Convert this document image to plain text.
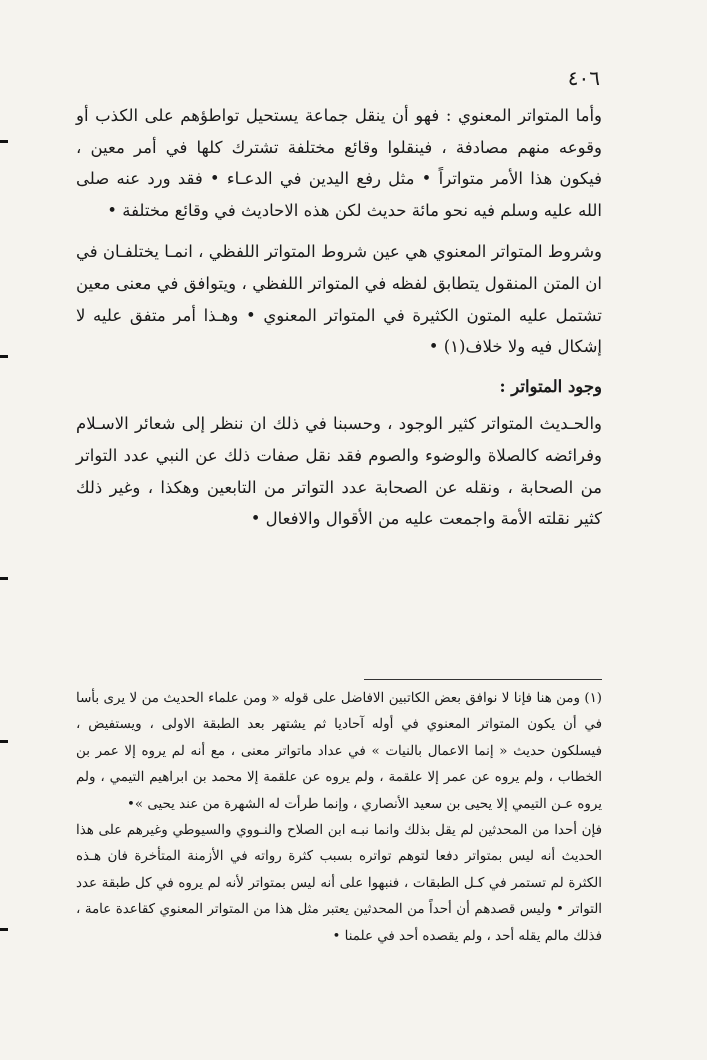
٤٠٦

وأما المتواتر المعنوي : فهو أن ينقل جماعة يستحيل تواطؤهم على الكذب أو وقوعه منهم مصادفة ، فينقلوا وقائع مختلفة تشترك كلها في أمر معين ، فيكون هذا الأمر متواتراً • مثل رفع اليدين في الدعـاء • فقد ورد عنه صلى الله عليه وسلم فيه نحو مائة حديث لكن هذه الاحاديث في وقائع مختلفة •

وشروط المتواتر المعنوي هي عين شروط المتواتر اللفظي ، انمـا يختلفـان في ان المتن المنقول يتطابق لفظه في المتواتر اللفظي ، ويتوافق في معنى معين تشتمل عليه المتون الكثيرة في المتواتر المعنوي • وهـذا أمر متفق عليه لا إشكال فيه ولا خلاف(١) •

وجود المتواتر :

والحـديث المتواتر كثير الوجود ، وحسبنا في ذلك ان ننظر إلى شعائر الاسـلام وفرائضه كالصلاة والوضوء والصوم فقد نقل صفات ذلك عن النبي عدد التواتر من الصحابة ، ونقله عن الصحابة عدد التواتر من التابعين وهكذا ، وغير ذلك كثير نقلته الأمة واجمعت عليه من الأقوال والافعال •

(١) ومن هنا فإنا لا نوافق بعض الكاتبين الافاضل على قوله « ومن علماء الحديث من لا يرى بأسا في أن يكون المتواتر المعنوي في أوله آحاديا ثم يشتهر بعد الطبقة الاولى ، ويستفيض ، فيسلكون حديث « إنما الاعمال بالنيات » في عداد ماتواتر معنى ، مع أنه لم يروه إلا عمر بن الخطاب ، ولم يروه عن عمر إلا علقمة ، ولم يروه عن علقمة إلا محمد بن ابراهيم التيمي ، ولم يروه عـن التيمي إلا يحيى بن سعيد الأنصاري ، وإنما طرأت له الشهرة من عند يحيى »•

فإن أحدا من المحدثين لم يقل بذلك وانما نبـه ابن الصلاح والنـووي والسيوطي وغيرهم على هذا الحديث أنه ليس بمتواتر دفعا لتوهم تواتره بسبب كثرة رواته في الأزمنة المتأخرة فان هـذه الكثرة لم تستمر في كـل الطبقات ، فنبهوا على أنه ليس بمتواتر لأنه لم يروه في كل طبقة عدد التواتر • وليس قصدهم أن أحداً من المحدثين يعتبر مثل هذا من المتواتر المعنوي كقاعدة عامة ، فذلك مالم يقله أحد ، ولم يقصده أحد في علمنا •
